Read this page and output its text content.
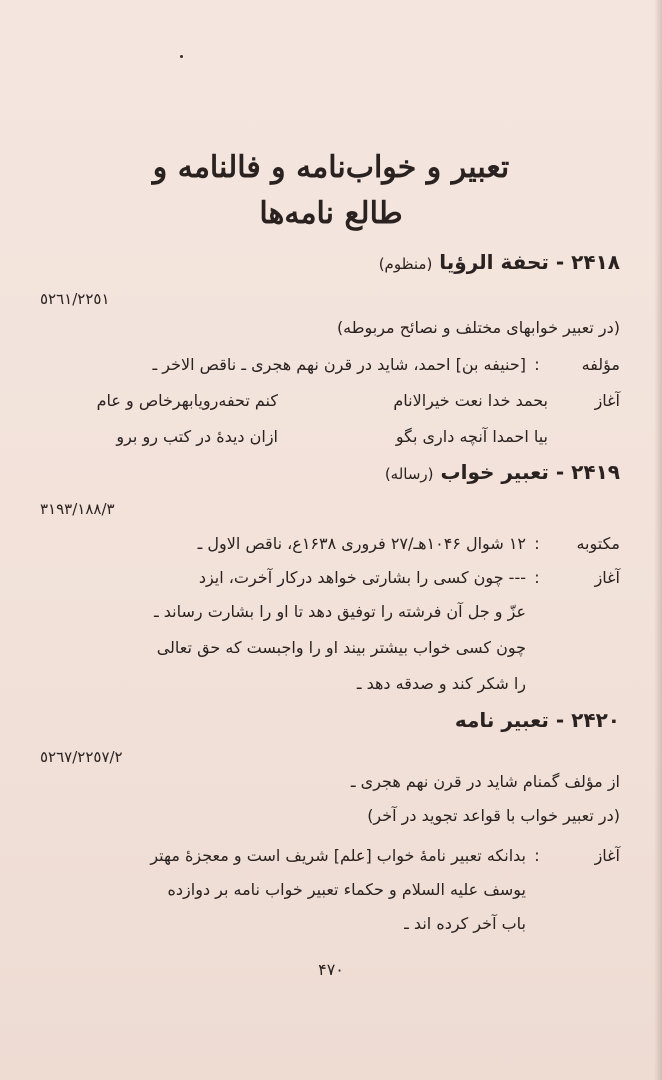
تعبیر و خواب‌نامه و فالنامه و
طالع نامه‌ها
۲۴۱۸ - تحفة الرؤيا (منظوم)
٥٢٦١/٢٢٥١
(در تعبیر خوابهای مختلف و نصائح مربوطه)
مؤلفه:[حنیفه بن] احمد، شاید در قرن نهم هجری ـ ناقص الاخر ـ
آغازبحمد خدا نعت خیرالانامکنم تحفه‌رویابهرخاص و عام
بیا احمدا آنچه داری بگوازان دیدهٔ در کتب رو برو
۲۴۱۹ - تعبیر خواب (رساله)
٣١٩٣/١٨٨/٣
مکتوبه:۱۲ شوال ۱۰۴۶هـ/۲۷ فروری ۱۶۳۸ع، ناقص الاول ـ
آغاز:--- چون کسی را بشارتی خواهد درکار آخرت، ایزد
عزّ و جل آن فرشته را توفیق دهد تا او را بشارت رساند ـ
چون کسی خواب بیشتر بیند او را واجبست که حق تعالی
را شکر کند و صدقه دهد ـ
۲۴۲۰ - تعبیر نامه
٥٢٦٧/٢٢٥٧/٢
از مؤلف گمنام شاید در قرن نهم هجری ـ
(در تعبیر خواب با قواعد تجوید در آخر)
آغاز:بدانکه تعبیر نامهٔ خواب [علم] شریف است و معجزهٔ مهتر
یوسف علیه السلام و حکماء تعبیر خواب نامه بر دوازده
باب آخر کرده اند ـ
۴۷۰
